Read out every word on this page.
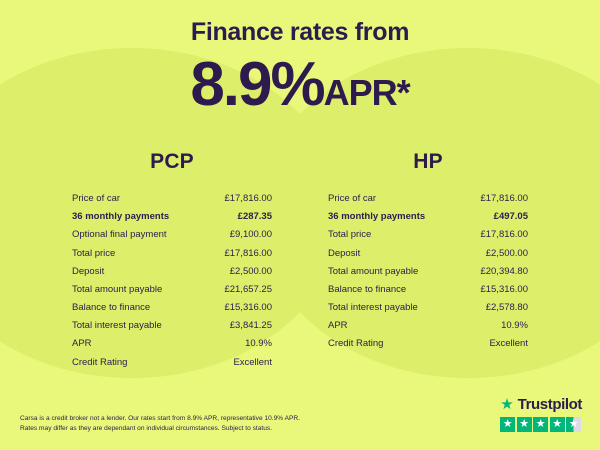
Finance rates from
8.9%APR*
PCP
Price of car	£17,816.00
36 monthly payments	£287.35
Optional final payment	£9,100.00
Total price	£17,816.00
Deposit	£2,500.00
Total amount payable	£21,657.25
Balance to finance	£15,316.00
Total interest payable	£3,841.25
APR	10.9%
Credit Rating	Excellent
HP
Price of car	£17,816.00
36 monthly payments	£497.05
Total price	£17,816.00
Deposit	£2,500.00
Total amount payable	£20,394.80
Balance to finance	£15,316.00
Total interest payable	£2,578.80
APR	10.9%
Credit Rating	Excellent
Carsa is a credit broker not a lender. Our rates start from 8.9% APR, representative 10.9% APR.
Rates may differ as they are dependant on individual circumstances. Subject to status.
★ Trustpilot
★ ★ ★ ★ ★
